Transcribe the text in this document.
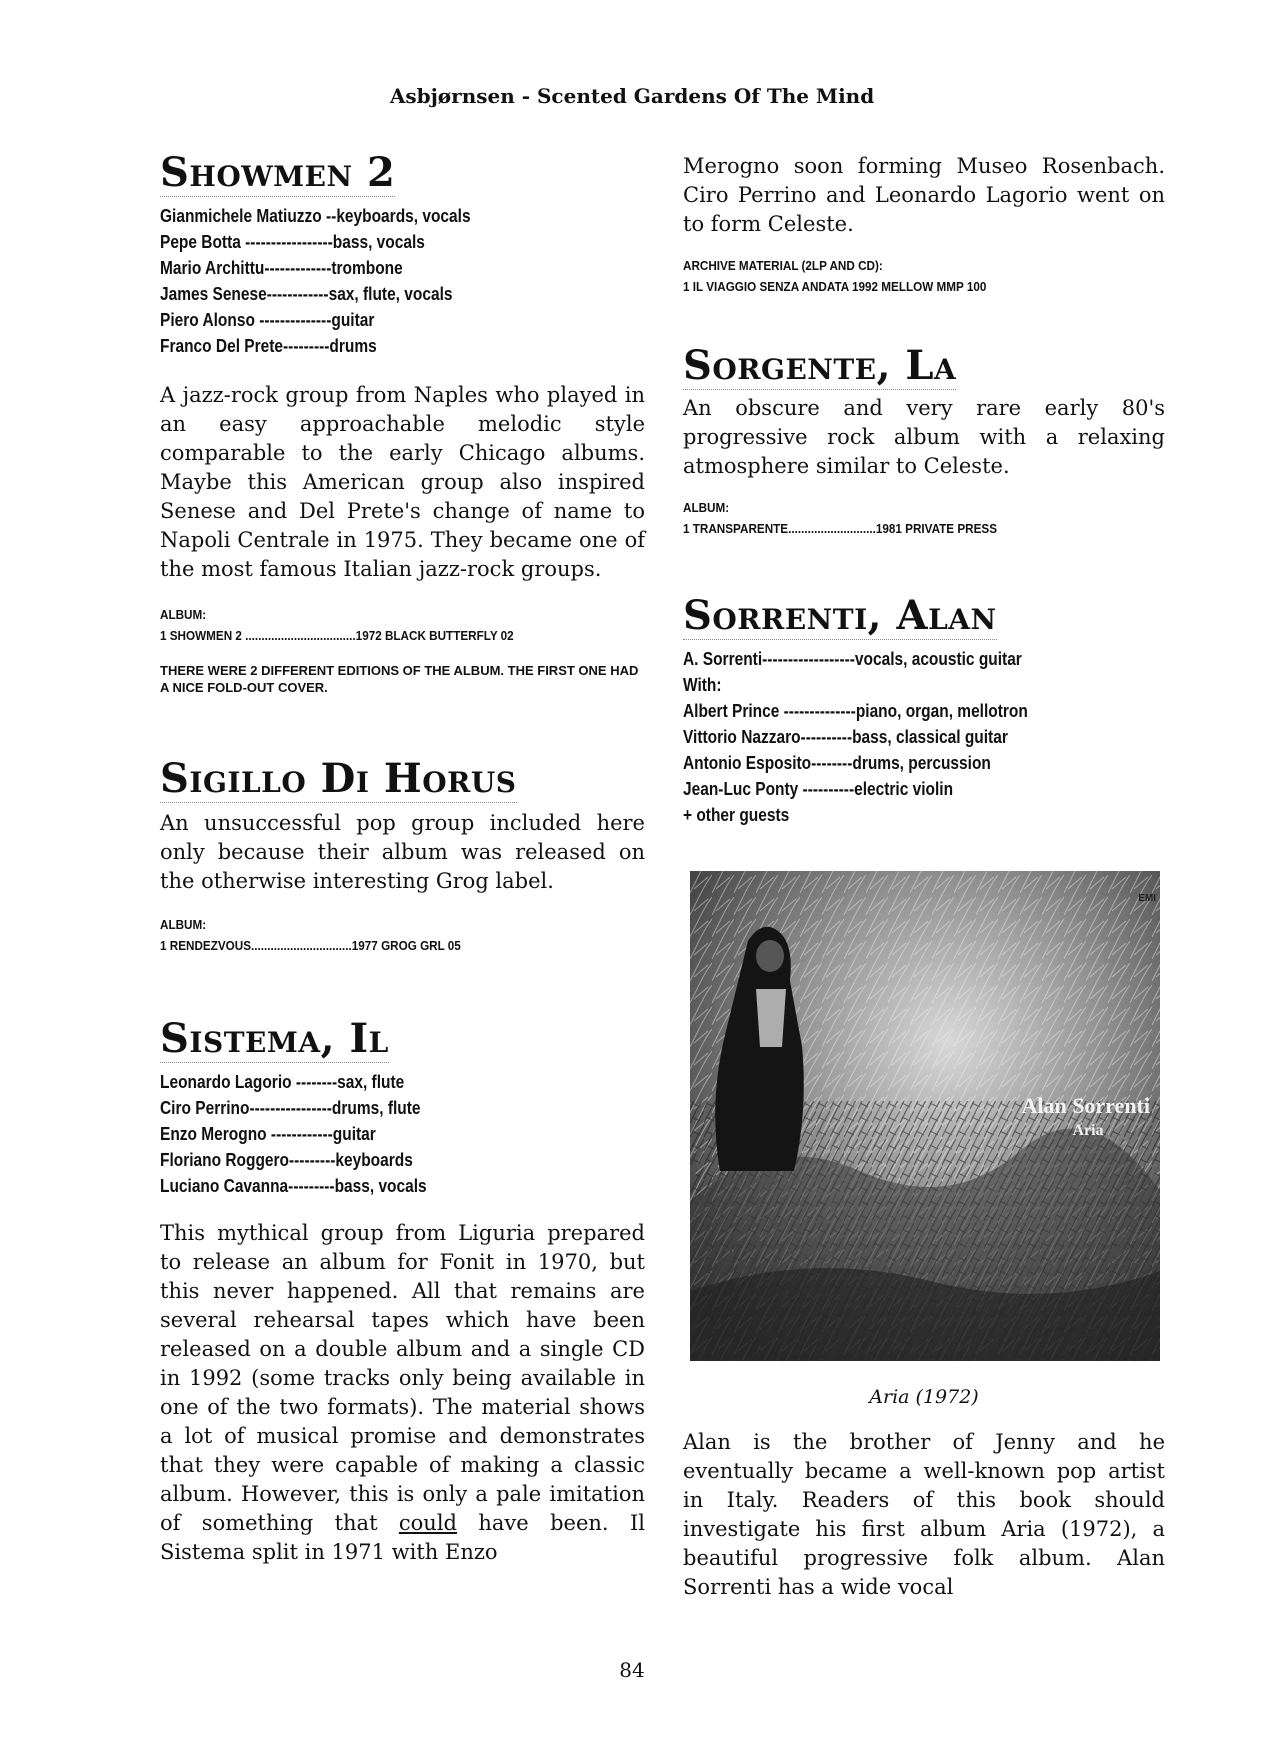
Asbjørnsen - Scented Gardens Of The Mind
Showmen 2
Gianmichele Matiuzzo --keyboards, vocals
Pepe Botta -----------------bass, vocals
Mario Archittu-------------trombone
James Senese------------sax, flute, vocals
Piero Alonso --------------guitar
Franco Del Prete---------drums

A jazz-rock group from Naples who played in an easy approachable melodic style comparable to the early Chicago albums. Maybe this American group also inspired Senese and Del Prete's change of name to Napoli Centrale in 1975. They became one of the most famous Italian jazz-rock groups.

ALBUM:
1 SHOWMEN 2 ..................................1972 BLACK BUTTERFLY 02
THERE WERE 2 DIFFERENT EDITIONS OF THE ALBUM. THE FIRST ONE HAD A NICE FOLD-OUT COVER.
Sigillo Di Horus

An unsuccessful pop group included here only because their album was released on the otherwise interesting Grog label.

ALBUM:
1 RENDEZVOUS...............................1977 GROG GRL 05
Sistema, Il
Leonardo Lagorio --------sax, flute
Ciro Perrino----------------drums, flute
Enzo Merogno ------------guitar
Floriano Roggero---------keyboards
Luciano Cavanna---------bass, vocals

This mythical group from Liguria prepared to release an album for Fonit in 1970, but this never happened. All that remains are several rehearsal tapes which have been released on a double album and a single CD in 1992 (some tracks only being available in one of the two formats). The material shows a lot of musical promise and demonstrates that they were capable of making a classic album. However, this is only a pale imitation of something that could have been. Il Sistema split in 1971 with Enzo

Merogno soon forming Museo Rosenbach. Ciro Perrino and Leonardo Lagorio went on to form Celeste.

ARCHIVE MATERIAL (2LP AND CD):
1 IL VIAGGIO SENZA ANDATA 1992 MELLOW MMP 100
Sorgente, La

An obscure and very rare early 80's progressive rock album with a relaxing atmosphere similar to Celeste.

ALBUM:
1 TRANSPARENTE...........................1981 PRIVATE PRESS
Sorrenti, Alan
A. Sorrenti------------------vocals, acoustic guitar
With:
Albert Prince --------------piano, organ, mellotron
Vittorio Nazzaro----------bass, classical guitar
Antonio Esposito--------drums, percussion
Jean-Luc Ponty ----------electric violin
+ other guests
EMI
Alan Sorrenti
Aria
Aria (1972)

Alan is the brother of Jenny and he eventually became a well-known pop artist in Italy. Readers of this book should investigate his first album Aria (1972), a beautiful progressive folk album. Alan Sorrenti has a wide vocal

84
